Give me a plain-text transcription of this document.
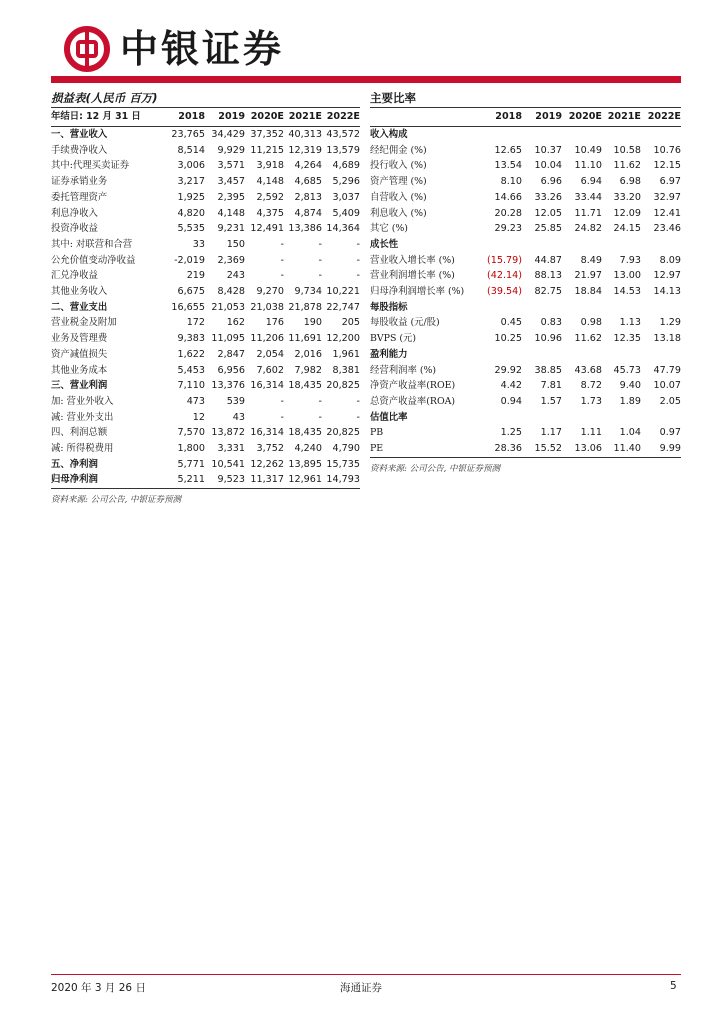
中银证券
损益表(人民币 百万)
年结日: 12 月 31 日	2018	2019	2020E	2021E	2022E
一、营业收入	23,765	34,429	37,352	40,313	43,572
手续费净收入	8,514	9,929	11,215	12,319	13,579
其中:代理买卖证券	3,006	3,571	3,918	4,264	4,689
证券承销业务	3,217	3,457	4,148	4,685	5,296
委托管理资产	1,925	2,395	2,592	2,813	3,037
利息净收入	4,820	4,148	4,375	4,874	5,409
投资净收益	5,535	9,231	12,491	13,386	14,364
其中: 对联营和合营	33	150	-	-	-
公允价值变动净收益	-2,019	2,369	-	-	-
汇兑净收益	219	243	-	-	-
其他业务收入	6,675	8,428	9,270	9,734	10,221
二、营业支出	16,655	21,053	21,038	21,878	22,747
营业税金及附加	172	162	176	190	205
业务及管理费	9,383	11,095	11,206	11,691	12,200
资产减值损失	1,622	2,847	2,054	2,016	1,961
其他业务成本	5,453	6,956	7,602	7,982	8,381
三、营业利润	7,110	13,376	16,314	18,435	20,825
加: 营业外收入	473	539	-	-	-
减: 营业外支出	12	43	-	-	-
四、利润总额	7,570	13,872	16,314	18,435	20,825
减: 所得税费用	1,800	3,331	3,752	4,240	4,790
五、净利润	5,771	10,541	12,262	13,895	15,735
归母净利润	5,211	9,523	11,317	12,961	14,793
资料来源: 公司公告, 中银证券预测
主要比率
	2018	2019	2020E	2021E	2022E
收入构成					
经纪佣金 (%)	12.65	10.37	10.49	10.58	10.76
投行收入 (%)	13.54	10.04	11.10	11.62	12.15
资产管理 (%)	8.10	6.96	6.94	6.98	6.97
自营收入 (%)	14.66	33.26	33.44	33.20	32.97
利息收入 (%)	20.28	12.05	11.71	12.09	12.41
其它 (%)	29.23	25.85	24.82	24.15	23.46
成长性					
营业收入增长率 (%)	(15.79)	44.87	8.49	7.93	8.09
营业利润增长率 (%)	(42.14)	88.13	21.97	13.00	12.97
归母净利润增长率 (%)	(39.54)	82.75	18.84	14.53	14.13
每股指标					
每股收益 (元/股)	0.45	0.83	0.98	1.13	1.29
BVPS (元)	10.25	10.96	11.62	12.35	13.18
盈利能力					
经营利润率 (%)	29.92	38.85	43.68	45.73	47.79
净资产收益率(ROE)	4.42	7.81	8.72	9.40	10.07
总资产收益率(ROA)	0.94	1.57	1.73	1.89	2.05
估值比率					
PB	1.25	1.17	1.11	1.04	0.97
PE	28.36	15.52	13.06	11.40	9.99
资料来源: 公司公告, 中银证券预测
2020 年 3 月 26 日	海通证券	5
